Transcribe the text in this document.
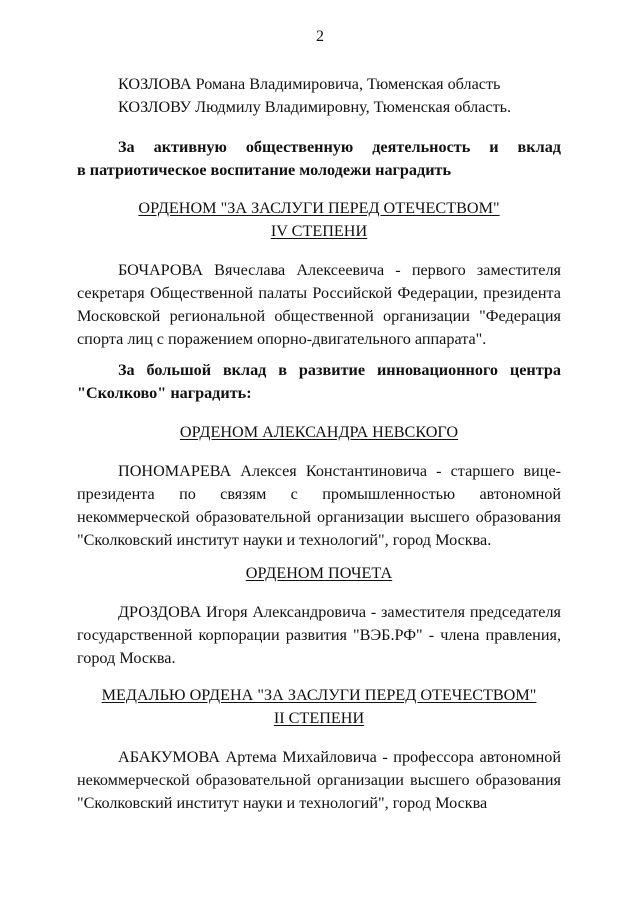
2
КОЗЛОВА Романа Владимировича, Тюменская область
КОЗЛОВУ Людмилу Владимировну, Тюменская область.
За активную общественную деятельность и вклад
в патриотическое воспитание молодежи наградить
ОРДЕНОМ "ЗА ЗАСЛУГИ ПЕРЕД ОТЕЧЕСТВОМ"
IV СТЕПЕНИ
БОЧАРОВА Вячеслава Алексеевича - первого заместителя
секретаря Общественной палаты Российской Федерации, президента
Московской региональной общественной организации "Федерация
спорта лиц с поражением опорно-двигательного аппарата".
За большой вклад в развитие инновационного центра
"Сколково" наградить:
ОРДЕНОМ АЛЕКСАНДРА НЕВСКОГО
ПОНОМАРЕВА Алексея Константиновича - старшего вице-
президента по связям с промышленностью автономной
некоммерческой образовательной организации высшего образования
"Сколковский институт науки и технологий", город Москва.
ОРДЕНОМ ПОЧЕТА
ДРОЗДОВА Игоря Александровича - заместителя председателя
государственной корпорации развития "ВЭБ.РФ" - члена правления,
город Москва.
МЕДАЛЬЮ ОРДЕНА "ЗА ЗАСЛУГИ ПЕРЕД ОТЕЧЕСТВОМ"
II СТЕПЕНИ
АБАКУМОВА Артема Михайловича - профессора автономной
некоммерческой образовательной организации высшего образования
"Сколковский институт науки и технологий", город Москва
